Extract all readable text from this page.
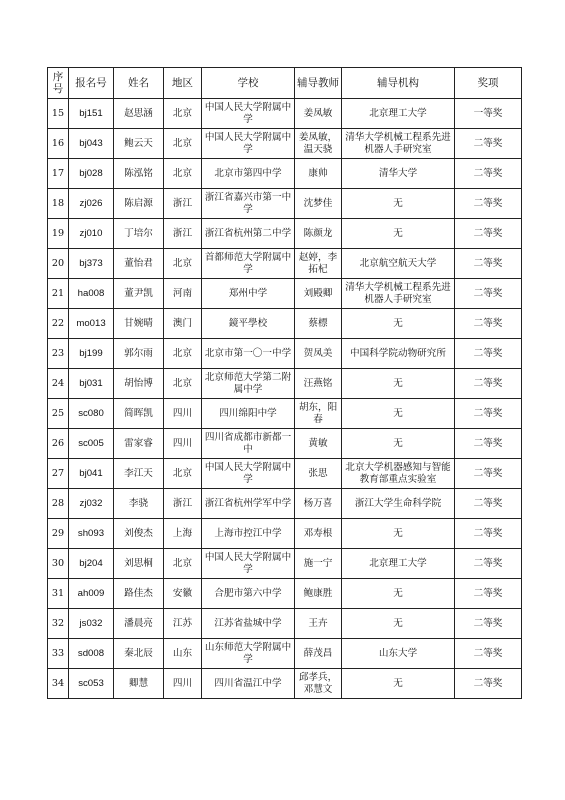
序号	报名号	姓名	地区	学校	辅导教师	辅导机构	奖项
15	bj151	赵思涵	北京	中国人民大学附属中学	姜凤敏	北京理工大学	一等奖
16	bj043	鲍云天	北京	中国人民大学附属中学	姜凤敏，温天骁	清华大学机械工程系先进机器人手研究室	二等奖
17	bj028	陈泓铭	北京	北京市第四中学	康帅	清华大学	二等奖
18	zj026	陈启源	浙江	浙江省嘉兴市第一中学	沈梦佳	无	二等奖
19	zj010	丁培尔	浙江	浙江省杭州第二中学	陈颜龙	无	二等奖
20	bj373	董怡君	北京	首都师范大学附属中学	赵婷，李拓杞	北京航空航天大学	二等奖
21	ha008	董尹凯	河南	郑州中学	刘殿卿	清华大学机械工程系先进机器人手研究室	二等奖
22	mo013	甘婉晴	澳门	鏡平學校	蔡標	无	二等奖
23	bj199	郭尔雨	北京	北京市第一〇一中学	贺凤美	中国科学院动物研究所	二等奖
24	bj031	胡怡博	北京	北京师范大学第二附属中学	汪燕铭	无	二等奖
25	sc080	简晖凯	四川	四川绵阳中学	胡东，阳春	无	二等奖
26	sc005	雷家睿	四川	四川省成都市新都一中	黄敏	无	二等奖
27	bj041	李江天	北京	中国人民大学附属中学	张思	北京大学机器感知与智能教育部重点实验室	二等奖
28	zj032	李骁	浙江	浙江省杭州学军中学	杨万喜	浙江大学生命科学院	二等奖
29	sh093	刘俊杰	上海	上海市控江中学	邓寿根	无	二等奖
30	bj204	刘思桐	北京	中国人民大学附属中学	施一宁	北京理工大学	二等奖
31	ah009	路佳杰	安徽	合肥市第六中学	鲍康胜	无	二等奖
32	js032	潘晨亮	江苏	江苏省盐城中学	王卉	无	二等奖
33	sd008	秦北辰	山东	山东师范大学附属中学	薛茂昌	山东大学	二等奖
34	sc053	卿慧	四川	四川省温江中学	邱孝兵，邓慧文	无	二等奖
